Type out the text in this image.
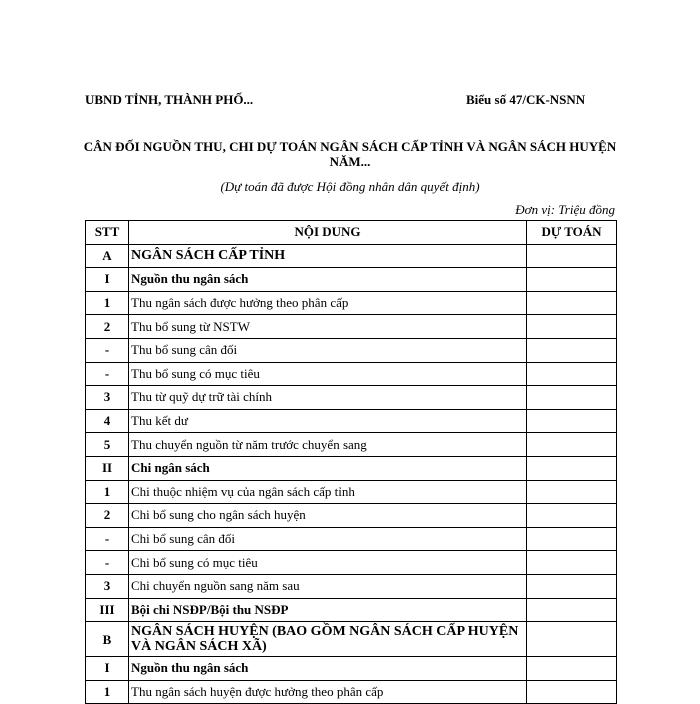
UBND TỈNH, THÀNH PHỐ...	Biểu số 47/CK-NSNN
CÂN ĐỐI NGUỒN THU, CHI DỰ TOÁN NGÂN SÁCH CẤP TỈNH VÀ NGÂN SÁCH HUYỆN NĂM...
(Dự toán đã được Hội đồng nhân dân quyết định)
Đơn vị: Triệu đồng
STT	NỘI DUNG	DỰ TOÁN
A	NGÂN SÁCH CẤP TỈNH	
I	Nguồn thu ngân sách	
1	Thu ngân sách được hưởng theo phân cấp	
2	Thu bổ sung từ NSTW	
-	Thu bổ sung cân đối	
-	Thu bổ sung có mục tiêu	
3	Thu từ quỹ dự trữ tài chính	
4	Thu kết dư	
5	Thu chuyển nguồn từ năm trước chuyển sang	
II	Chi ngân sách	
1	Chi thuộc nhiệm vụ của ngân sách cấp tỉnh	
2	Chi bổ sung cho ngân sách huyện	
-	Chi bổ sung cân đối	
-	Chi bổ sung có mục tiêu	
3	Chi chuyển nguồn sang năm sau	
III	Bội chi NSĐP/Bội thu NSĐP	
B	NGÂN SÁCH HUYỆN (BAO GỒM NGÂN SÁCH CẤP HUYỆN VÀ NGÂN SÁCH XÃ)	
I	Nguồn thu ngân sách	
1	Thu ngân sách huyện được hưởng theo phân cấp	
